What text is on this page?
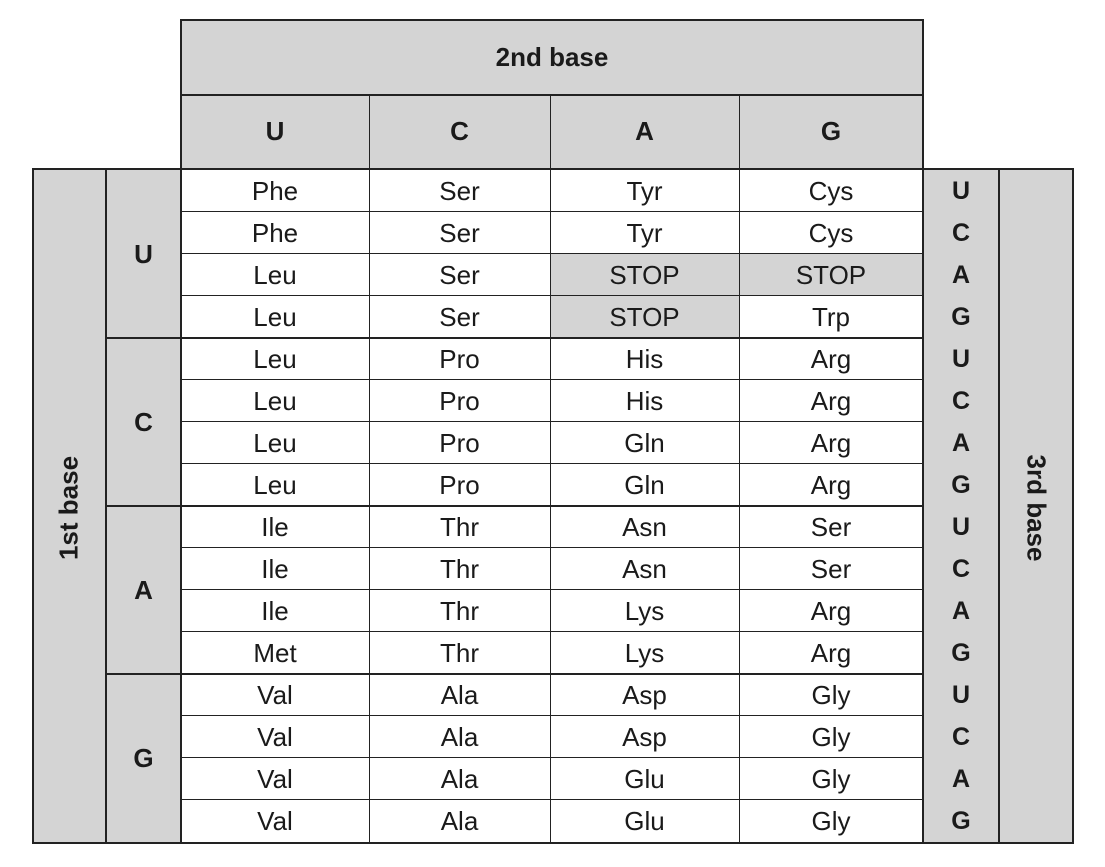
2nd base
U	C	A	G
1st base	3rd base
U
C
A
G
Phe	Ser	Tyr	Cys	U
Phe	Ser	Tyr	Cys	C
Leu	Ser	STOP	STOP	A
Leu	Ser	STOP	Trp	G
Leu	Pro	His	Arg	U
Leu	Pro	His	Arg	C
Leu	Pro	Gln	Arg	A
Leu	Pro	Gln	Arg	G
Ile	Thr	Asn	Ser	U
Ile	Thr	Asn	Ser	C
Ile	Thr	Lys	Arg	A
Met	Thr	Lys	Arg	G
Val	Ala	Asp	Gly	U
Val	Ala	Asp	Gly	C
Val	Ala	Glu	Gly	A
Val	Ala	Glu	Gly	G
